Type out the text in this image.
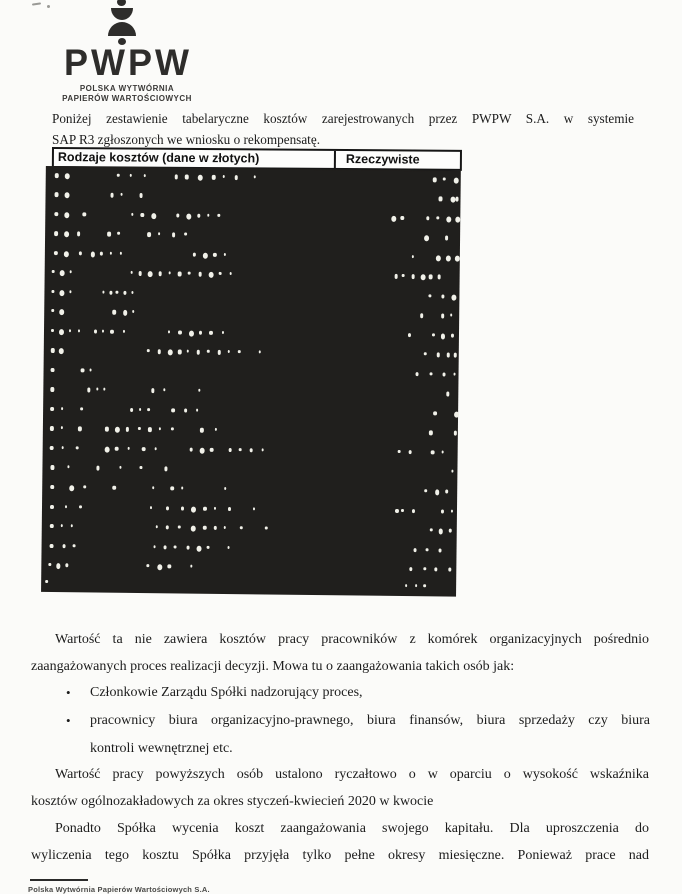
PWPW
POLSKA WYTWÓRNIA
PAPIERÓW WARTOŚCIOWYCH
Poniżej zestawienie tabelaryczne kosztów zarejestrowanych przez PWPW S.A. w systemie
SAP R3 zgłoszonych we wniosku o rekompensatę.
Rodzaje kosztów (dane w złotych)	Rzeczywiste
Wartość ta nie zawiera kosztów pracy pracowników z komórek organizacyjnych pośrednio
zaangażowanych proces realizacji decyzji. Mowa tu o zaangażowania takich osób jak:
• Członkowie Zarządu Spółki nadzorujący proces,
• pracownicy biura organizacyjno-prawnego, biura finansów, biura sprzedaży czy biura
kontroli wewnętrznej etc.
Wartość pracy powyższych osób ustalono ryczałtowo o w oparciu o wysokość wskaźnika
kosztów ogólnozakładowych za okres styczeń-kwiecień 2020 w kwocie
Ponadto Spółka wycenia koszt zaangażowania swojego kapitału. Dla uproszczenia do
wyliczenia tego kosztu Spółka przyjęła tylko pełne okresy miesięczne. Ponieważ prace nad
Polska Wytwórnia Papierów Wartościowych S.A.
